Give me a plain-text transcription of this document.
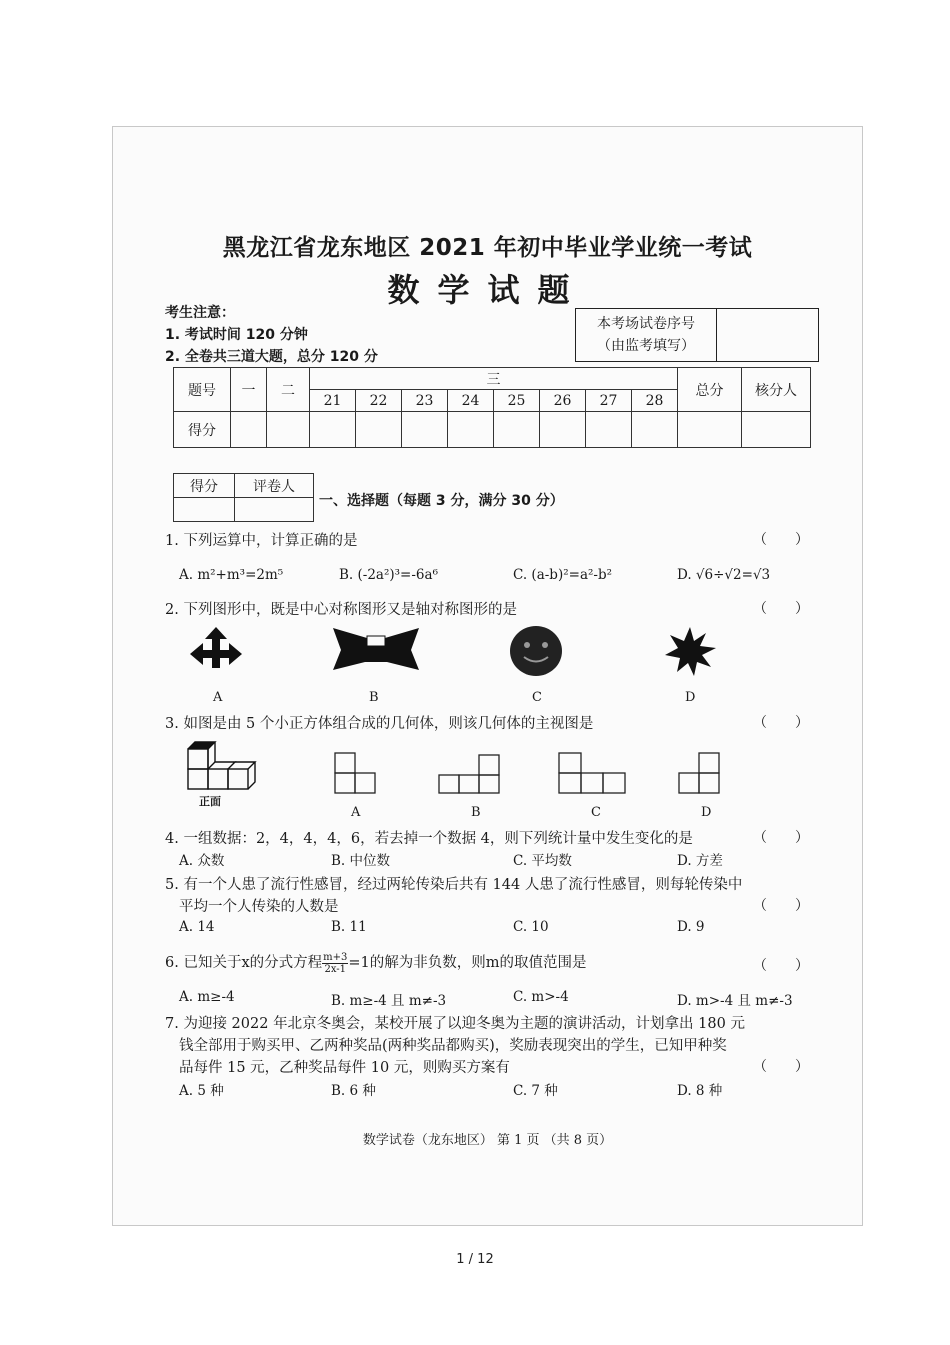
黑龙江省龙东地区 2021 年初中毕业学业统一考试
数学试题
考生注意：
1. 考试时间 120 分钟
2. 全卷共三道大题，总分 120 分
本考场试卷序号
（由监考填写）
题号	一	二	三								总分	核分人
			21	22	23	24	25	26	27	28		
得分												
得分	评卷人

一、选择题（每题 3 分，满分 30 分）
1. 下列运算中，计算正确的是	（　　）
A. m²+m³=2m⁵	B. (-2a²)³=-6a⁶	C. (a-b)²=a²-b²	D. √6÷√2=√3
2. 下列图形中，既是中心对称图形又是轴对称图形的是	（　　）
A	B	C	D
3. 如图是由 5 个小正方体组合成的几何体，则该几何体的主视图是	（　　）
正面
A	B	C	D
4. 一组数据：2，4，4，4，6，若去掉一个数据 4，则下列统计量中发生变化的是	（　　）
A. 众数	B. 中位数	C. 平均数	D. 方差
5. 有一个人患了流行性感冒，经过两轮传染后共有 144 人患了流行性感冒，则每轮传染中
平均一个人传染的人数是	（　　）
A. 14	B. 11	C. 10	D. 9
6. 已知关于x的分式方程 $\frac{m+3}{2x-1} =1$的解为非负数，则m的取值范围是	（　　）
A. m≥-4	B. m≥-4 且 m≠-3	C. m>-4	D. m>-4 且 m≠-3
7. 为迎接 2022 年北京冬奥会，某校开展了以迎冬奥为主题的演讲活动，计划拿出 180 元
钱全部用于购买甲、乙两种奖品(两种奖品都购买)，奖励表现突出的学生，已知甲种奖
品每件 15 元，乙种奖品每件 10 元，则购买方案有	（　　）
A. 5 种	B. 6 种	C. 7 种	D. 8 种
数学试卷（龙东地区） 第 1 页 （共 8 页）
1 / 12
